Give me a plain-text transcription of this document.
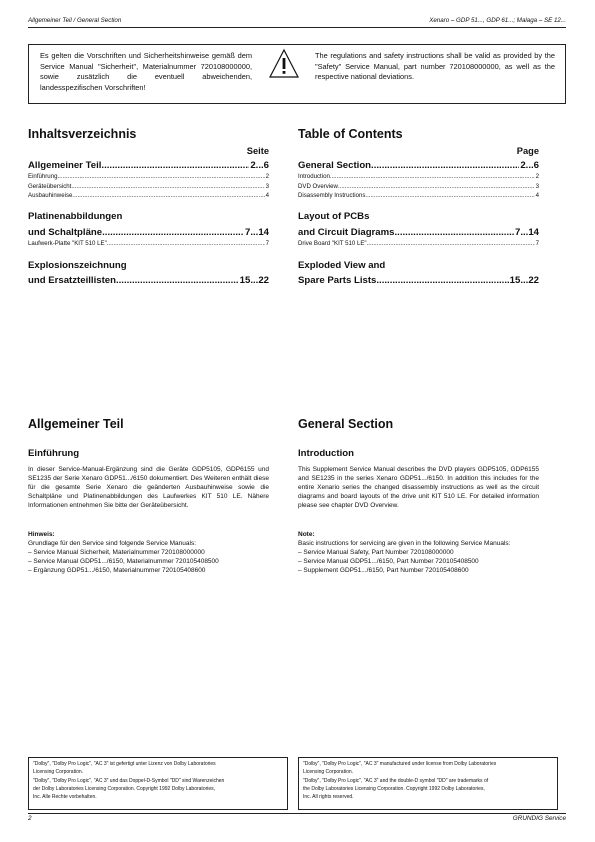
Allgemeiner Teil / General Section	Xenaro – GDP 51..., GDP 61...; Malaga – SE 12...
Es gelten die Vorschriften und Sicherheitshinweise gemäß dem Service Manual "Sicherheit", Materialnummer 720108000000, sowie zusätzlich die eventuell abweichenden, landesspezifischen Vorschriften!
The regulations and safety instructions shall be valid as provided by the "Safety" Service Manual, part number 720108000000, as well as the respective national deviations.
Inhaltsverzeichnis
Seite
Allgemeiner Teil .....	2...6
Einführung .....	2
Geräteübersicht .....	3
Ausbauhinweise .....	4
Platinenabbildungen
und Schaltpläne .....	7...14
Laufwerk-Platte "KIT 510 LE" .....	7
Explosionszeichnung
und Ersatzteillisten .....	15...22
Table of Contents
Page
General Section .....	2...6
Introduction .....	2
DVD Overview .....	3
Disassembly Instructions .....	4
Layout of PCBs
and Circuit Diagrams .....	7...14
Drive Board "KIT 510 LE" .....	7
Exploded View and
Spare Parts Lists .....	15...22
Allgemeiner Teil
Einführung
In dieser Service-Manual-Ergänzung sind die Geräte GDP5105, GDP6155 und SE1235 der Serie Xenaro GDP51.../6150 dokumentiert. Des Weiteren enthält diese für die gesamte Serie Xenaro die geänderten Ausbauhinweise sowie die Schaltpläne und Platinenabbildungen des Laufwerkes KIT 510 LE. Nähere Informationen entnehmen Sie bitte der Geräteübersicht.
Hinweis:
Grundlage für den Service sind folgende Service Manuals:
– Service Manual Sicherheit, Materialnummer 720108000000
– Service Manual GDP51.../6150, Materialnummer 720105408500
– Ergänzung GDP51.../6150, Materialnummer 720105408600
General Section
Introduction
This Supplement Service Manual describes the DVD players GDP5105, GDP6155 and SE1235 in the series Xenaro GDP51.../6150. In addition this includes for the entire Xenario series the changed disassembly instructions as well as the circuit diagrams and board layouts of the drive unit KIT 510 LE. For detailed information please see chapter DVD Overview.
Note:
Basic instructions for servicing are given in the following Service Manuals:
– Service Manual Safety, Part Number 720108000000
– Service Manual GDP51.../6150, Part Number 720105408500
– Supplement GDP51.../6150, Part Number 720105408600
"Dolby", "Dolby Pro Logic", "AC 3" ist gefertigt unter Lizenz von Dolby Laboratories
Licensing Corporation.
"Dolby", "Dolby Pro Logic", "AC 3" und das Doppel-D-Symbol "DD" sind Warenzeichen
der Dolby Laboratories Licensing Corporation. Copyright 1992 Dolby Laboratories,
Inc. Alle Rechte vorbehalten.
"Dolby", "Dolby Pro Logic", "AC 3" manufactured under license from Dolby Laboratories
Licensing Corporation.
"Dolby", "Dolby Pro Logic", "AC 3" and the double-D symbol "DD" are trademarks of
the Dolby Laboratories Licensing Corporation. Copyright 1992 Dolby Laboratories,
Inc. All rights reserved.
2	GRUNDIG Service
